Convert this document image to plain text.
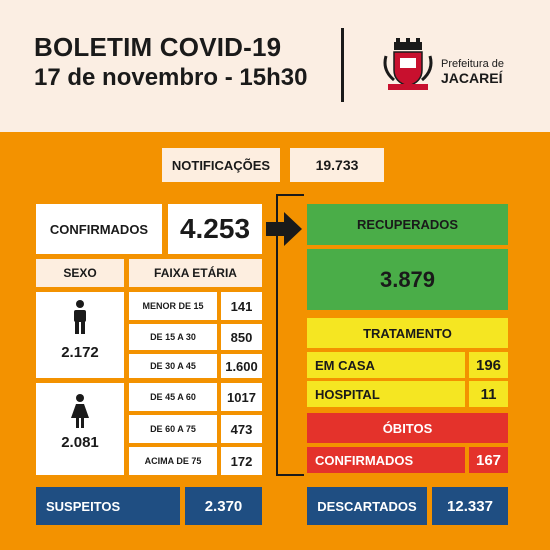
BOLETIM COVID-19
17 de novembro - 15h30	Prefeitura de
JACAREÍ
NOTIFICAÇÕES	19.733
CONFIRMADOS	4.253
SEXO	FAIXA ETÁRIA
2.172
2.081
MENOR DE 15	141
DE 15 A 30	850
DE 30 A 45	1.600
DE 45 A 60	1017
DE 60 A 75	473
ACIMA DE 75	172
RECUPERADOS
3.879
TRATAMENTO
EM CASA	196
HOSPITAL	11
ÓBITOS
CONFIRMADOS	167
SUSPEITOS	2.370	DESCARTADOS	12.337
